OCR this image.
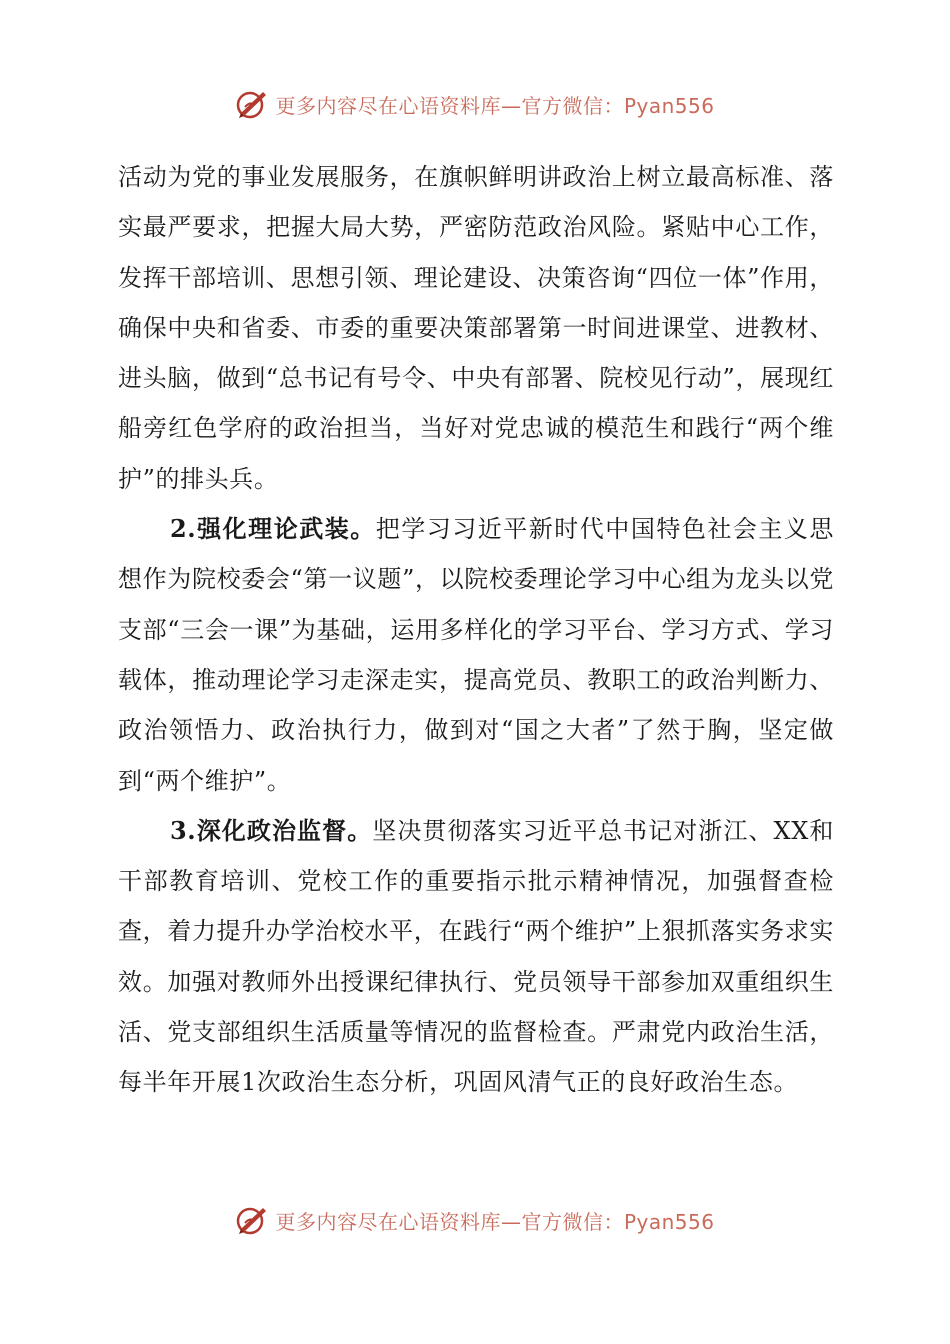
更多内容尽在心语资料库—官方微信：Pyan556

活动为党的事业发展服务，在旗帜鲜明讲政治上树立最高标准、落实最严要求，把握大局大势，严密防范政治风险。紧贴中心工作，发挥干部培训、思想引领、理论建设、决策咨询“四位一体”作用，确保中央和省委、市委的重要决策部署第一时间进课堂、进教材、进头脑，做到“总书记有号令、中央有部署、院校见行动”，展现红船旁红色学府的政治担当，当好对党忠诚的模范生和践行“两个维护”的排头兵。

2.强化理论武装。把学习习近平新时代中国特色社会主义思想作为院校委会“第一议题”，以院校委理论学习中心组为龙头以党支部“三会一课”为基础，运用多样化的学习平台、学习方式、学习载体，推动理论学习走深走实，提高党员、教职工的政治判断力、政治领悟力、政治执行力，做到对“国之大者”了然于胸，坚定做到“两个维护”。

3.深化政治监督。坚决贯彻落实习近平总书记对浙江、XX和干部教育培训、党校工作的重要指示批示精神情况，加强督查检查，着力提升办学治校水平，在践行“两个维护”上狠抓落实务求实效。加强对教师外出授课纪律执行、党员领导干部参加双重组织生活、党支部组织生活质量等情况的监督检查。严肃党内政治生活，每半年开展1次政治生态分析，巩固风清气正的良好政治生态。

更多内容尽在心语资料库—官方微信：Pyan556
